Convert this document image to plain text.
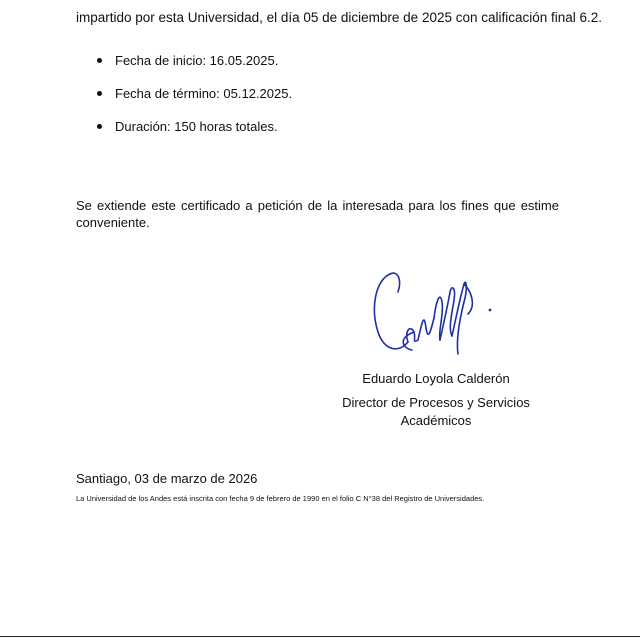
impartido por esta Universidad, el día 05 de diciembre de 2025 con calificación final 6.2.
Fecha de inicio: 16.05.2025.
Fecha de término: 05.12.2025.
Duración: 150 horas totales.
Se extiende este certificado a petición de la interesada para los fines que estime conveniente.
Eduardo Loyola Calderón
Director de Procesos y Servicios Académicos
Santiago, 03 de marzo de 2026
La Universidad de los Andes está inscrita con fecha 9 de febrero de 1990 en el folio C N°38 del Registro de Universidades.
